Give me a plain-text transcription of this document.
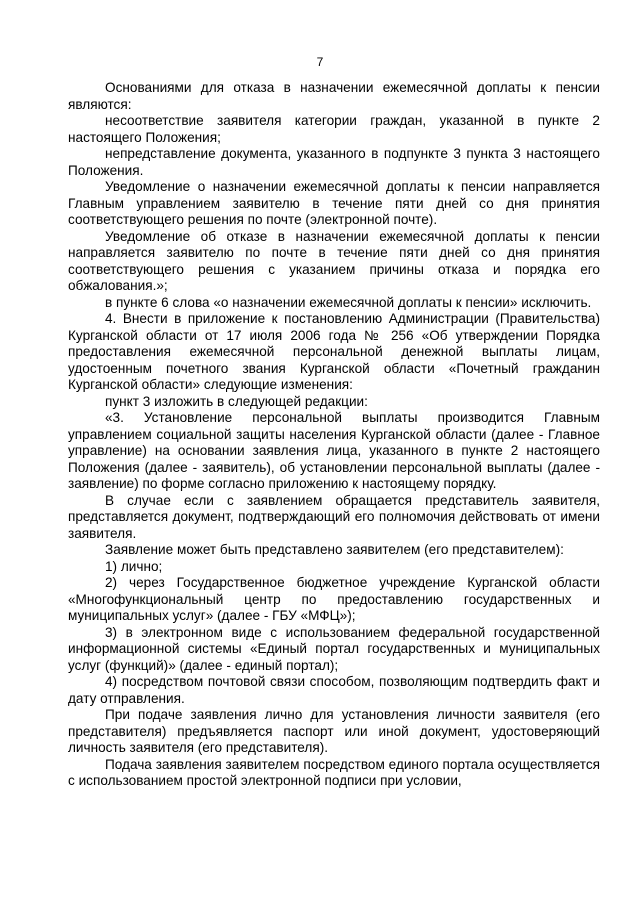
7

Основаниями для отказа в назначении ежемесячной доплаты к пенсии являются:

несоответствие заявителя категории граждан, указанной в пункте 2 настоящего Положения;

непредставление документа, указанного в подпункте 3 пункта 3 настоящего Положения.

Уведомление о назначении ежемесячной доплаты к пенсии направляется Главным управлением заявителю в течение пяти дней со дня принятия соответствующего решения по почте (электронной почте).

Уведомление об отказе в назначении ежемесячной доплаты к пенсии направляется заявителю по почте в течение пяти дней со дня принятия соответствующего решения с указанием причины отказа и порядка его обжалования.»;

в пункте 6 слова «о назначении ежемесячной доплаты к пенсии» исключить.

4. Внести в приложение к постановлению Администрации (Правительства) Курганской области от 17 июля 2006 года № 256 «Об утверждении Порядка предоставления ежемесячной персональной денежной выплаты лицам, удостоенным почетного звания Курганской области «Почетный гражданин Курганской области» следующие изменения:

пункт 3 изложить в следующей редакции:

«3. Установление персональной выплаты производится Главным управлением социальной защиты населения Курганской области (далее - Главное управление) на основании заявления лица, указанного в пункте 2 настоящего Положения (далее - заявитель), об установлении персональной выплаты (далее - заявление) по форме согласно приложению к настоящему порядку.

В случае если с заявлением обращается представитель заявителя, представляется документ, подтверждающий его полномочия действовать от имени заявителя.

Заявление может быть представлено заявителем (его представителем):

1) лично;

2) через Государственное бюджетное учреждение Курганской области «Многофункциональный центр по предоставлению государственных и муниципальных услуг» (далее - ГБУ «МФЦ»);

3) в электронном виде с использованием федеральной государственной информационной системы «Единый портал государственных и муниципальных услуг (функций)» (далее - единый портал);

4) посредством почтовой связи способом, позволяющим подтвердить факт и дату отправления.

При подаче заявления лично для установления личности заявителя (его представителя) предъявляется паспорт или иной документ, удостоверяющий личность заявителя (его представителя).

Подача заявления заявителем посредством единого портала осуществляется с использованием простой электронной подписи при условии,
